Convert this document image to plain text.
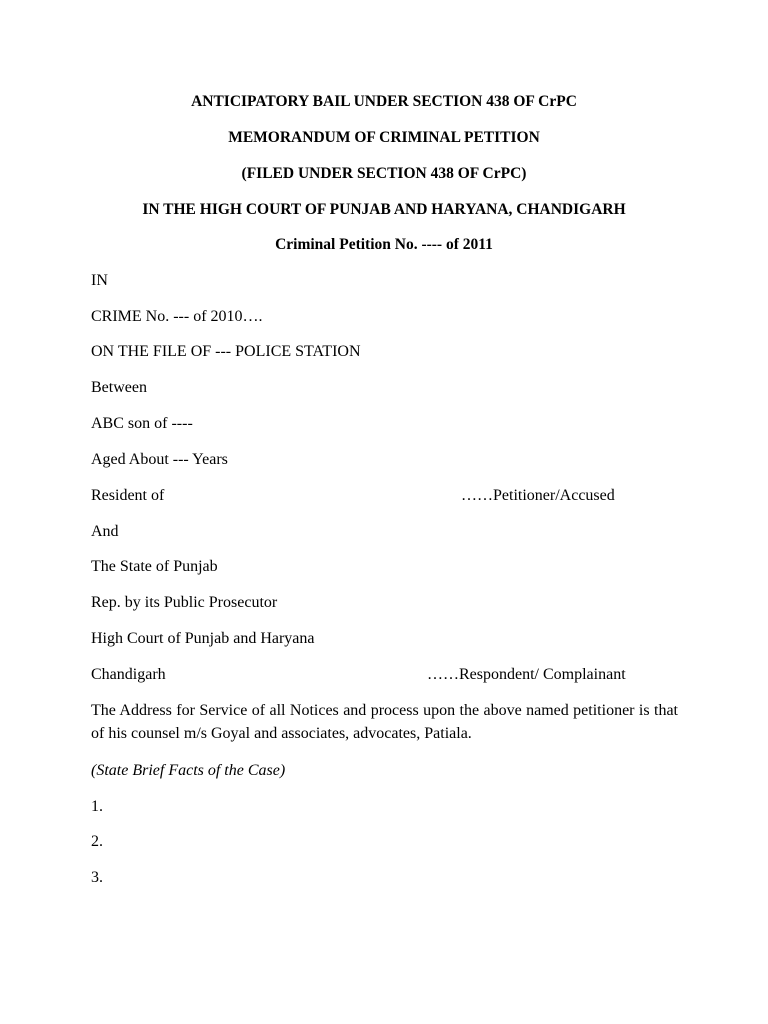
ANTICIPATORY BAIL UNDER SECTION 438 OF CrPC
MEMORANDUM OF CRIMINAL PETITION
(FILED UNDER SECTION 438 OF CrPC)
IN THE HIGH COURT OF PUNJAB AND HARYANA, CHANDIGARH
Criminal Petition No. ---- of 2011
IN
CRIME No. --- of 2010….
ON THE FILE OF --- POLICE STATION
Between
ABC son of ----
Aged About --- Years
Resident of	……Petitioner/Accused
And
The State of Punjab
Rep. by its Public Prosecutor
High Court of Punjab and Haryana
Chandigarh	……Respondent/ Complainant
The Address for Service of all Notices and process upon the above named petitioner is that of his counsel m/s Goyal and associates, advocates, Patiala.
(State Brief Facts of the Case)
1.
2.
3.
